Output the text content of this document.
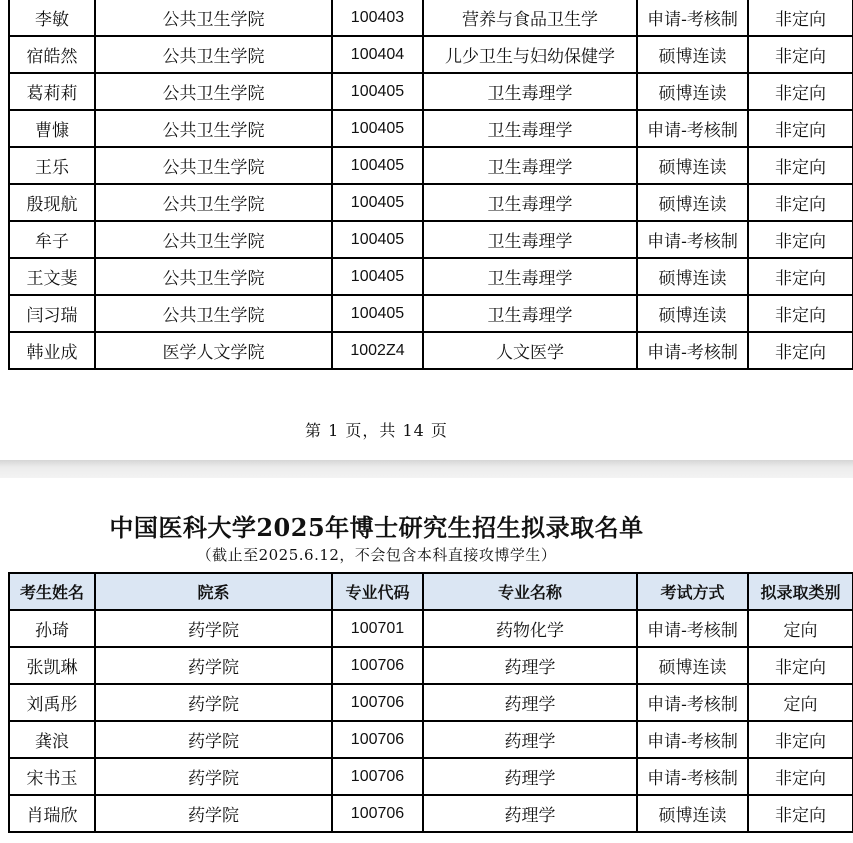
李敏	公共卫生学院	100403	营养与食品卫生学	申请-考核制	非定向
宿皓然	公共卫生学院	100404	儿少卫生与妇幼保健学	硕博连读	非定向
葛莉莉	公共卫生学院	100405	卫生毒理学	硕博连读	非定向
曹慷	公共卫生学院	100405	卫生毒理学	申请-考核制	非定向
王乐	公共卫生学院	100405	卫生毒理学	硕博连读	非定向
殷现航	公共卫生学院	100405	卫生毒理学	硕博连读	非定向
牟子	公共卫生学院	100405	卫生毒理学	申请-考核制	非定向
王文斐	公共卫生学院	100405	卫生毒理学	硕博连读	非定向
闫习瑞	公共卫生学院	100405	卫生毒理学	硕博连读	非定向
韩业成	医学人文学院	1002Z4	人文医学	申请-考核制	非定向
第 1 页，共 14 页
中国医科大学2025年博士研究生招生拟录取名单
（截止至2025.6.12，不会包含本科直接攻博学生）
考生姓名	院系	专业代码	专业名称	考试方式	拟录取类别
孙琦	药学院	100701	药物化学	申请-考核制	定向
张凯琳	药学院	100706	药理学	硕博连读	非定向
刘禹彤	药学院	100706	药理学	申请-考核制	定向
龚浪	药学院	100706	药理学	申请-考核制	非定向
宋书玉	药学院	100706	药理学	申请-考核制	非定向
肖瑞欣	药学院	100706	药理学	硕博连读	非定向
